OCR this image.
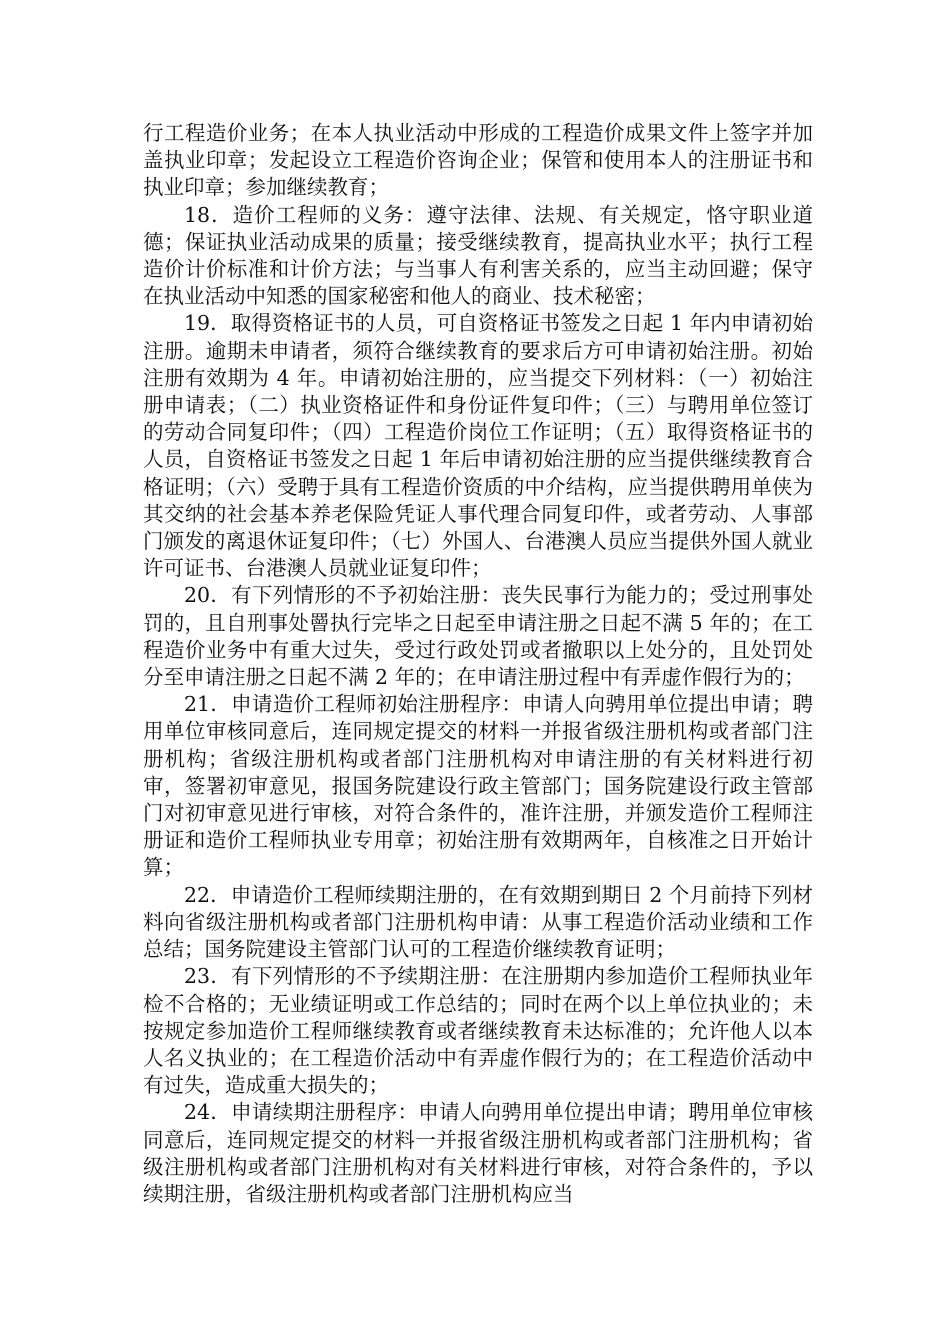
行工程造价业务；在本人执业活动中形成的工程造价成果文件上签字并加盖执业印章；发起设立工程造价咨询企业；保管和使用本人的注册证书和执业印章；参加继续教育；

18．造价工程师的义务：遵守法律、法规、有关规定，恪守职业道德；保证执业活动成果的质量；接受继续教育，提高执业水平；执行工程造价计价标准和计价方法；与当事人有利害关系的，应当主动回避；保守在执业活动中知悉的国家秘密和他人的商业、技术秘密；

19．取得资格证书的人员，可自资格证书签发之日起 1 年内申请初始注册。逾期未申请者，须符合继续教育的要求后方可申请初始注册。初始注册有效期为 4 年。申请初始注册的，应当提交下列材料：（一）初始注册申请表；（二）执业资格证件和身份证件复印件；（三）与聘用单位签订的劳动合同复印件；（四）工程造价岗位工作证明；（五）取得资格证书的人员，自资格证书签发之日起 1 年后申请初始注册的应当提供继续教育合格证明；（六）受聘于具有工程造价资质的中介结构，应当提供聘用单侠为其交纳的社会基本养老保险凭证人事代理合同复印件，或者劳动、人事部门颁发的离退休证复印件；（七）外国人、台港澳人员应当提供外国人就业许可证书、台港澳人员就业证复印件；

20．有下列情形的不予初始注册：丧失民事行为能力的；受过刑事处罚的，且自刑事处罾执行完毕之日起至申请注册之日起不满 5 年的；在工程造价业务中有重大过失，受过行政处罚或者撤职以上处分的，且处罚处分至申请注册之日起不满 2 年的；在申请注册过程中有弄虚作假行为的；

21．申请造价工程师初始注册程序：申请人向骋用单位提出申请；聘用单位审核同意后，连同规定提交的材料一并报省级注册机构或者部门注册机构；省级注册机构或者部门注册机构对申请注册的有关材料进行初审，签署初审意见，报国务院建设行政主管部门；国务院建设行政主管部门对初审意见进行审核，对符合条件的，准许注册，并颁发造价工程师注册证和造价工程师执业专用章；初始注册有效期两年，自核准之日开始计算；

22．申请造价工程师续期注册的，在有效期到期日 2 个月前持下列材料向省级注册机构或者部门注册机构申请：从事工程造价活动业绩和工作总结；国务院建设主管部门认可的工程造价继续教育证明；

23．有下列情形的不予续期注册：在注册期内参加造价工程师执业年检不合格的；无业绩证明或工作总结的；同时在两个以上单位执业的；未按规定参加造价工程师继续教育或者继续教育未达标准的；允许他人以本人名义执业的；在工程造价活动中有弄虚作假行为的；在工程造价活动中有过失，造成重大损失的；

24．申请续期注册程序：申请人向骋用单位提出申请；聘用单位审核同意后，连同规定提交的材料一并报省级注册机构或者部门注册机构；省级注册机构或者部门注册机构对有关材料进行审核，对符合条件的，予以续期注册，省级注册机构或者部门注册机构应当
